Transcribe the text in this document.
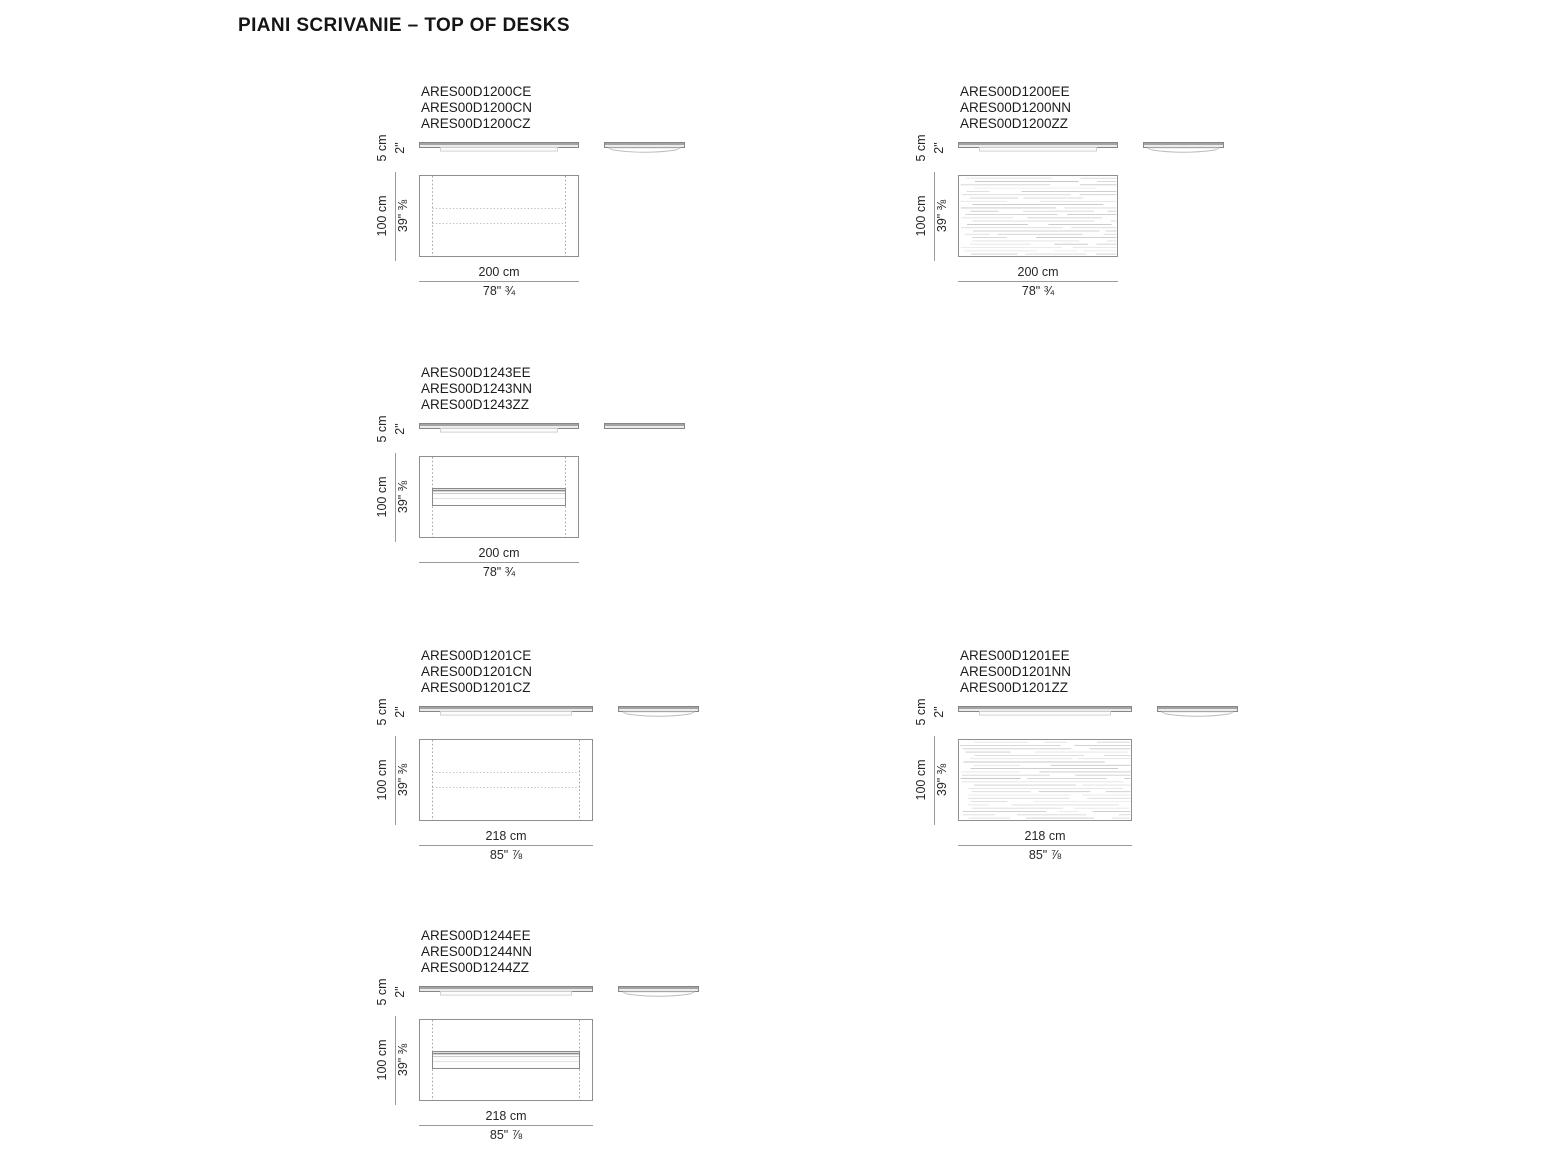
PIANI SCRIVANIE – TOP OF DESKS
ARES00D1200CE
ARES00D1200CN
ARES00D1200CZ
5 cm 2"
100 cm 39" ⅜
200 cm
78" ¾
ARES00D1200EE
ARES00D1200NN
ARES00D1200ZZ
5 cm 2"
100 cm 39" ⅜
200 cm
78" ¾
ARES00D1243EE
ARES00D1243NN
ARES00D1243ZZ
5 cm 2"
100 cm 39" ⅜
200 cm
78" ¾
ARES00D1201CE
ARES00D1201CN
ARES00D1201CZ
5 cm 2"
100 cm 39" ⅜
218 cm
85" ⅞
ARES00D1201EE
ARES00D1201NN
ARES00D1201ZZ
5 cm 2"
100 cm 39" ⅜
218 cm
85" ⅞
ARES00D1244EE
ARES00D1244NN
ARES00D1244ZZ
5 cm 2"
100 cm 39" ⅜
218 cm
85" ⅞
